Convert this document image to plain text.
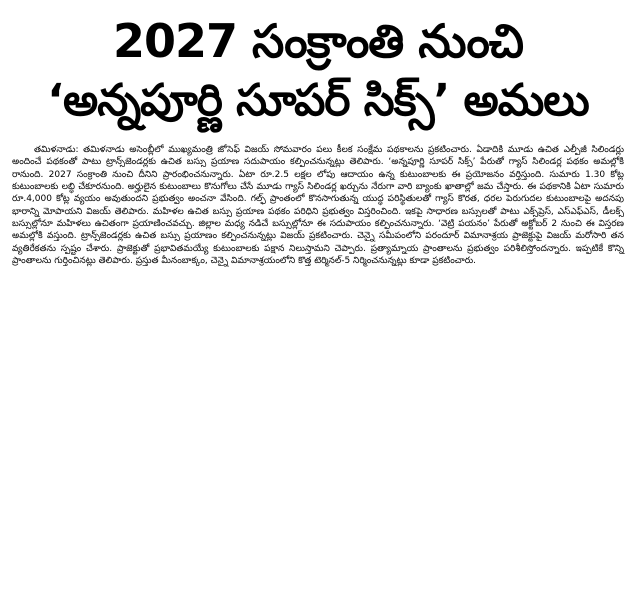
2027 సంక్రాంతి నుంచి
‘అన్నపూర్ణి సూపర్ సిక్స్’ అమలు

తమిళనాడు: తమిళనాడు అసెంబ్లీలో ముఖ్యమంత్రి జోసెఫ్ విజయ్ సోమవారం పలు కీలక సంక్షేమ పథకాలను ప్రకటించారు. ఏడాదికి మూడు ఉచిత ఎల్పీజీ సిలిండర్లు అందించే పథకంతో పాటు ట్రాన్స్‌జెండర్లకు ఉచిత బస్సు ప్రయాణ సదుపాయం కల్పించనున్నట్లు తెలిపారు. ‘అన్నపూర్ణి సూపర్ సిక్స్’ పేరుతో గ్యాస్ సిలిండర్ల పథకం అమల్లోకి రానుంది. 2027 సంక్రాంతి నుంచి దీనిని ప్రారంభించనున్నారు. ఏటా రూ.2.5 లక్షల లోపు ఆదాయం ఉన్న కుటుంబాలకు ఈ ప్రయోజనం వర్తిస్తుంది. సుమారు 1.30 కోట్ల కుటుంబాలకు లబ్ధి చేకూరనుంది. అర్హులైన కుటుంబాలు కొనుగోలు చేసే మూడు గ్యాస్ సిలిండర్ల ఖర్చును నేరుగా వారి బ్యాంకు ఖాతాల్లో జమ చేస్తారు. ఈ పథకానికి ఏటా సుమారు రూ.4,000 కోట్ల వ్యయం అవుతుందని ప్రభుత్వం అంచనా వేసింది. గల్ఫ్ ప్రాంతంలో కొనసాగుతున్న యుద్ధ పరిస్థితులతో గ్యాస్ కొరత, ధరల పెరుగుదల కుటుంబాలపై అదనపు భారాన్ని మోపాయని విజయ్ తెలిపారు. మహిళల ఉచిత బస్సు ప్రయాణ పథకం పరిధిని ప్రభుత్వం విస్తరించింది. ఇకపై సాధారణ బస్సులతో పాటు ఎక్స్‌ప్రెస్, ఎస్ఎఫ్ఎస్, డీలక్స్ బస్సుల్లోనూ మహిళలు ఉచితంగా ప్రయాణించవచ్చు. జిల్లాల మధ్య నడిచే బస్సుల్లోనూ ఈ సదుపాయం కల్పించనున్నారు. ‘వెట్రి పయనం’ పేరుతో అక్టోబర్ 2 నుంచి ఈ విస్తరణ అమల్లోకి వస్తుంది. ట్రాన్స్‌జెండర్లకు ఉచిత బస్సు ప్రయాణం కల్పించనున్నట్లు విజయ్ ప్రకటించారు. చెన్నై సమీపంలోని పరందూర్ విమానాశ్రయ ప్రాజెక్టుపై విజయ్ మరోసారి తన వ్యతిరేకతను స్పష్టం చేశారు. ప్రాజెక్టుతో ప్రభావితమయ్యే కుటుంబాలకు పక్షాన నిలుస్తామని చెప్పారు. ప్రత్యామ్నాయ ప్రాంతాలను ప్రభుత్వం పరిశీలిస్తోందన్నారు. ఇప్పటికే కొన్ని ప్రాంతాలను గుర్తించినట్లు తెలిపారు. ప్రస్తుత మీనంబాక్కం, చెన్నై విమానాశ్రయంలోని కొత్త టెర్మినల్-5 నిర్మించనున్నట్లు కూడా ప్రకటించారు.
